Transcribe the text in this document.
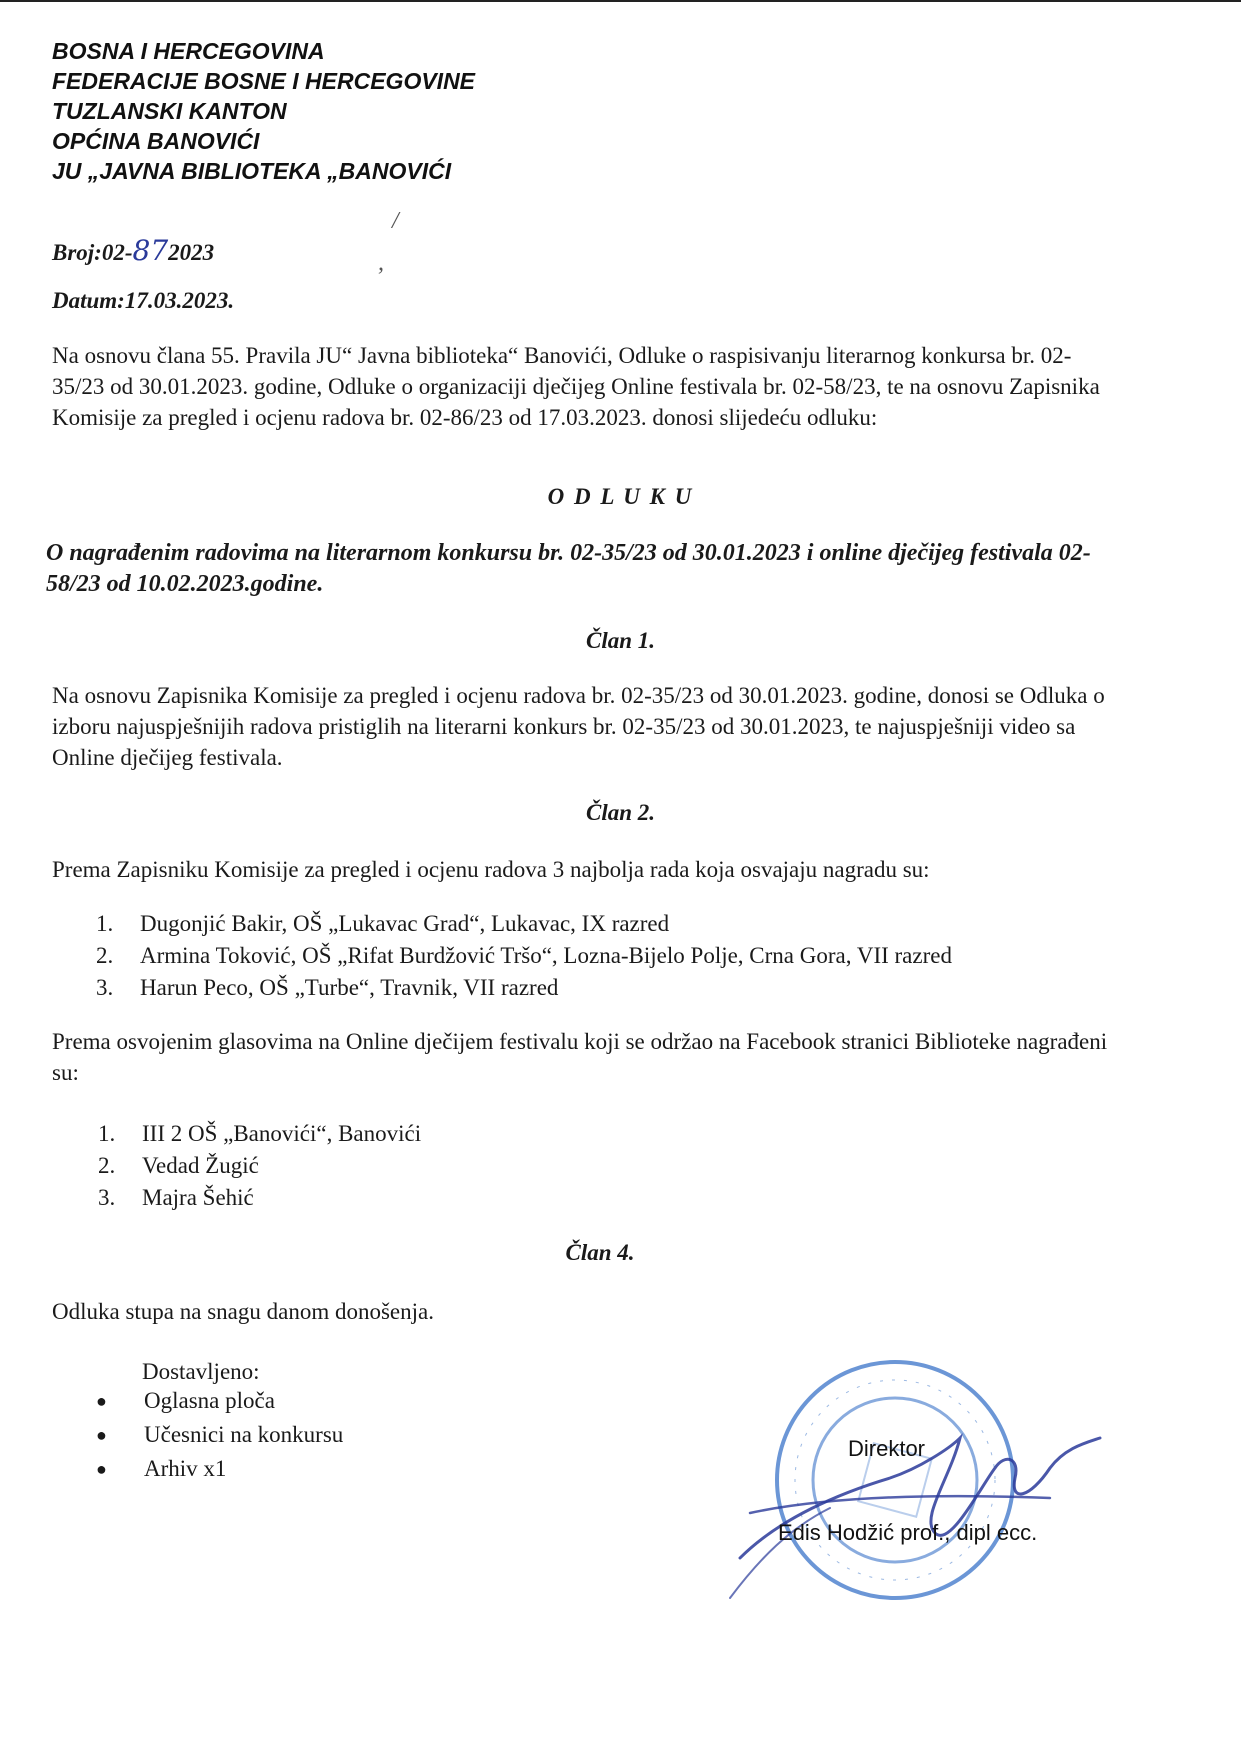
BOSNA I HERCEGOVINA
FEDERACIJE BOSNE I HERCEGOVINE
TUZLANSKI KANTON
OPĆINA BANOVIĆI
JU „JAVNA BIBLIOTEKA „BANOVIĆI
/
,
Broj:02-872023
Datum:17.03.2023.
Na osnovu člana 55. Pravila JU“ Javna biblioteka“ Banovići, Odluke o raspisivanju literarnog konkursa br. 02-35/23 od 30.01.2023. godine, Odluke o organizaciji dječijeg Online festivala br. 02-58/23, te na osnovu Zapisnika Komisije za pregled i ocjenu radova br. 02-86/23 od 17.03.2023. donosi slijedeću odluku:
O D L U K U
O nagrađenim radovima na literarnom konkursu br. 02-35/23 od 30.01.2023 i online dječijeg festivala 02-58/23 od 10.02.2023.godine.
Član 1.
Na osnovu Zapisnika Komisije za pregled i ocjenu radova br. 02-35/23 od 30.01.2023. godine, donosi se Odluka o izboru najuspješnijih radova pristiglih na literarni konkurs br. 02-35/23 od 30.01.2023, te najuspješniji video sa Online dječijeg festivala.
Član 2.
Prema Zapisniku Komisije za pregled i ocjenu radova 3 najbolja rada koja osvajaju nagradu su:
1.	Dugonjić Bakir, OŠ „Lukavac Grad“, Lukavac, IX razred
2.	Armina Toković, OŠ „Rifat Burdžović Tršo“, Lozna-Bijelo Polje, Crna Gora, VII razred
3.	Harun Peco, OŠ „Turbe“, Travnik, VII razred
Prema osvojenim glasovima na Online dječijem festivalu koji se održao na Facebook stranici Biblioteke nagrađeni su:
1.	III 2 OŠ „Banovići“, Banovići
2.	Vedad Žugić
3.	Majra Šehić
Član 4.
Odluka stupa na snagu danom donošenja.
Dostavljeno:
●	Oglasna ploča
●	Učesnici na konkursu
●	Arhiv x1
Direktor
Edis Hodžić prof., dipl ecc.
